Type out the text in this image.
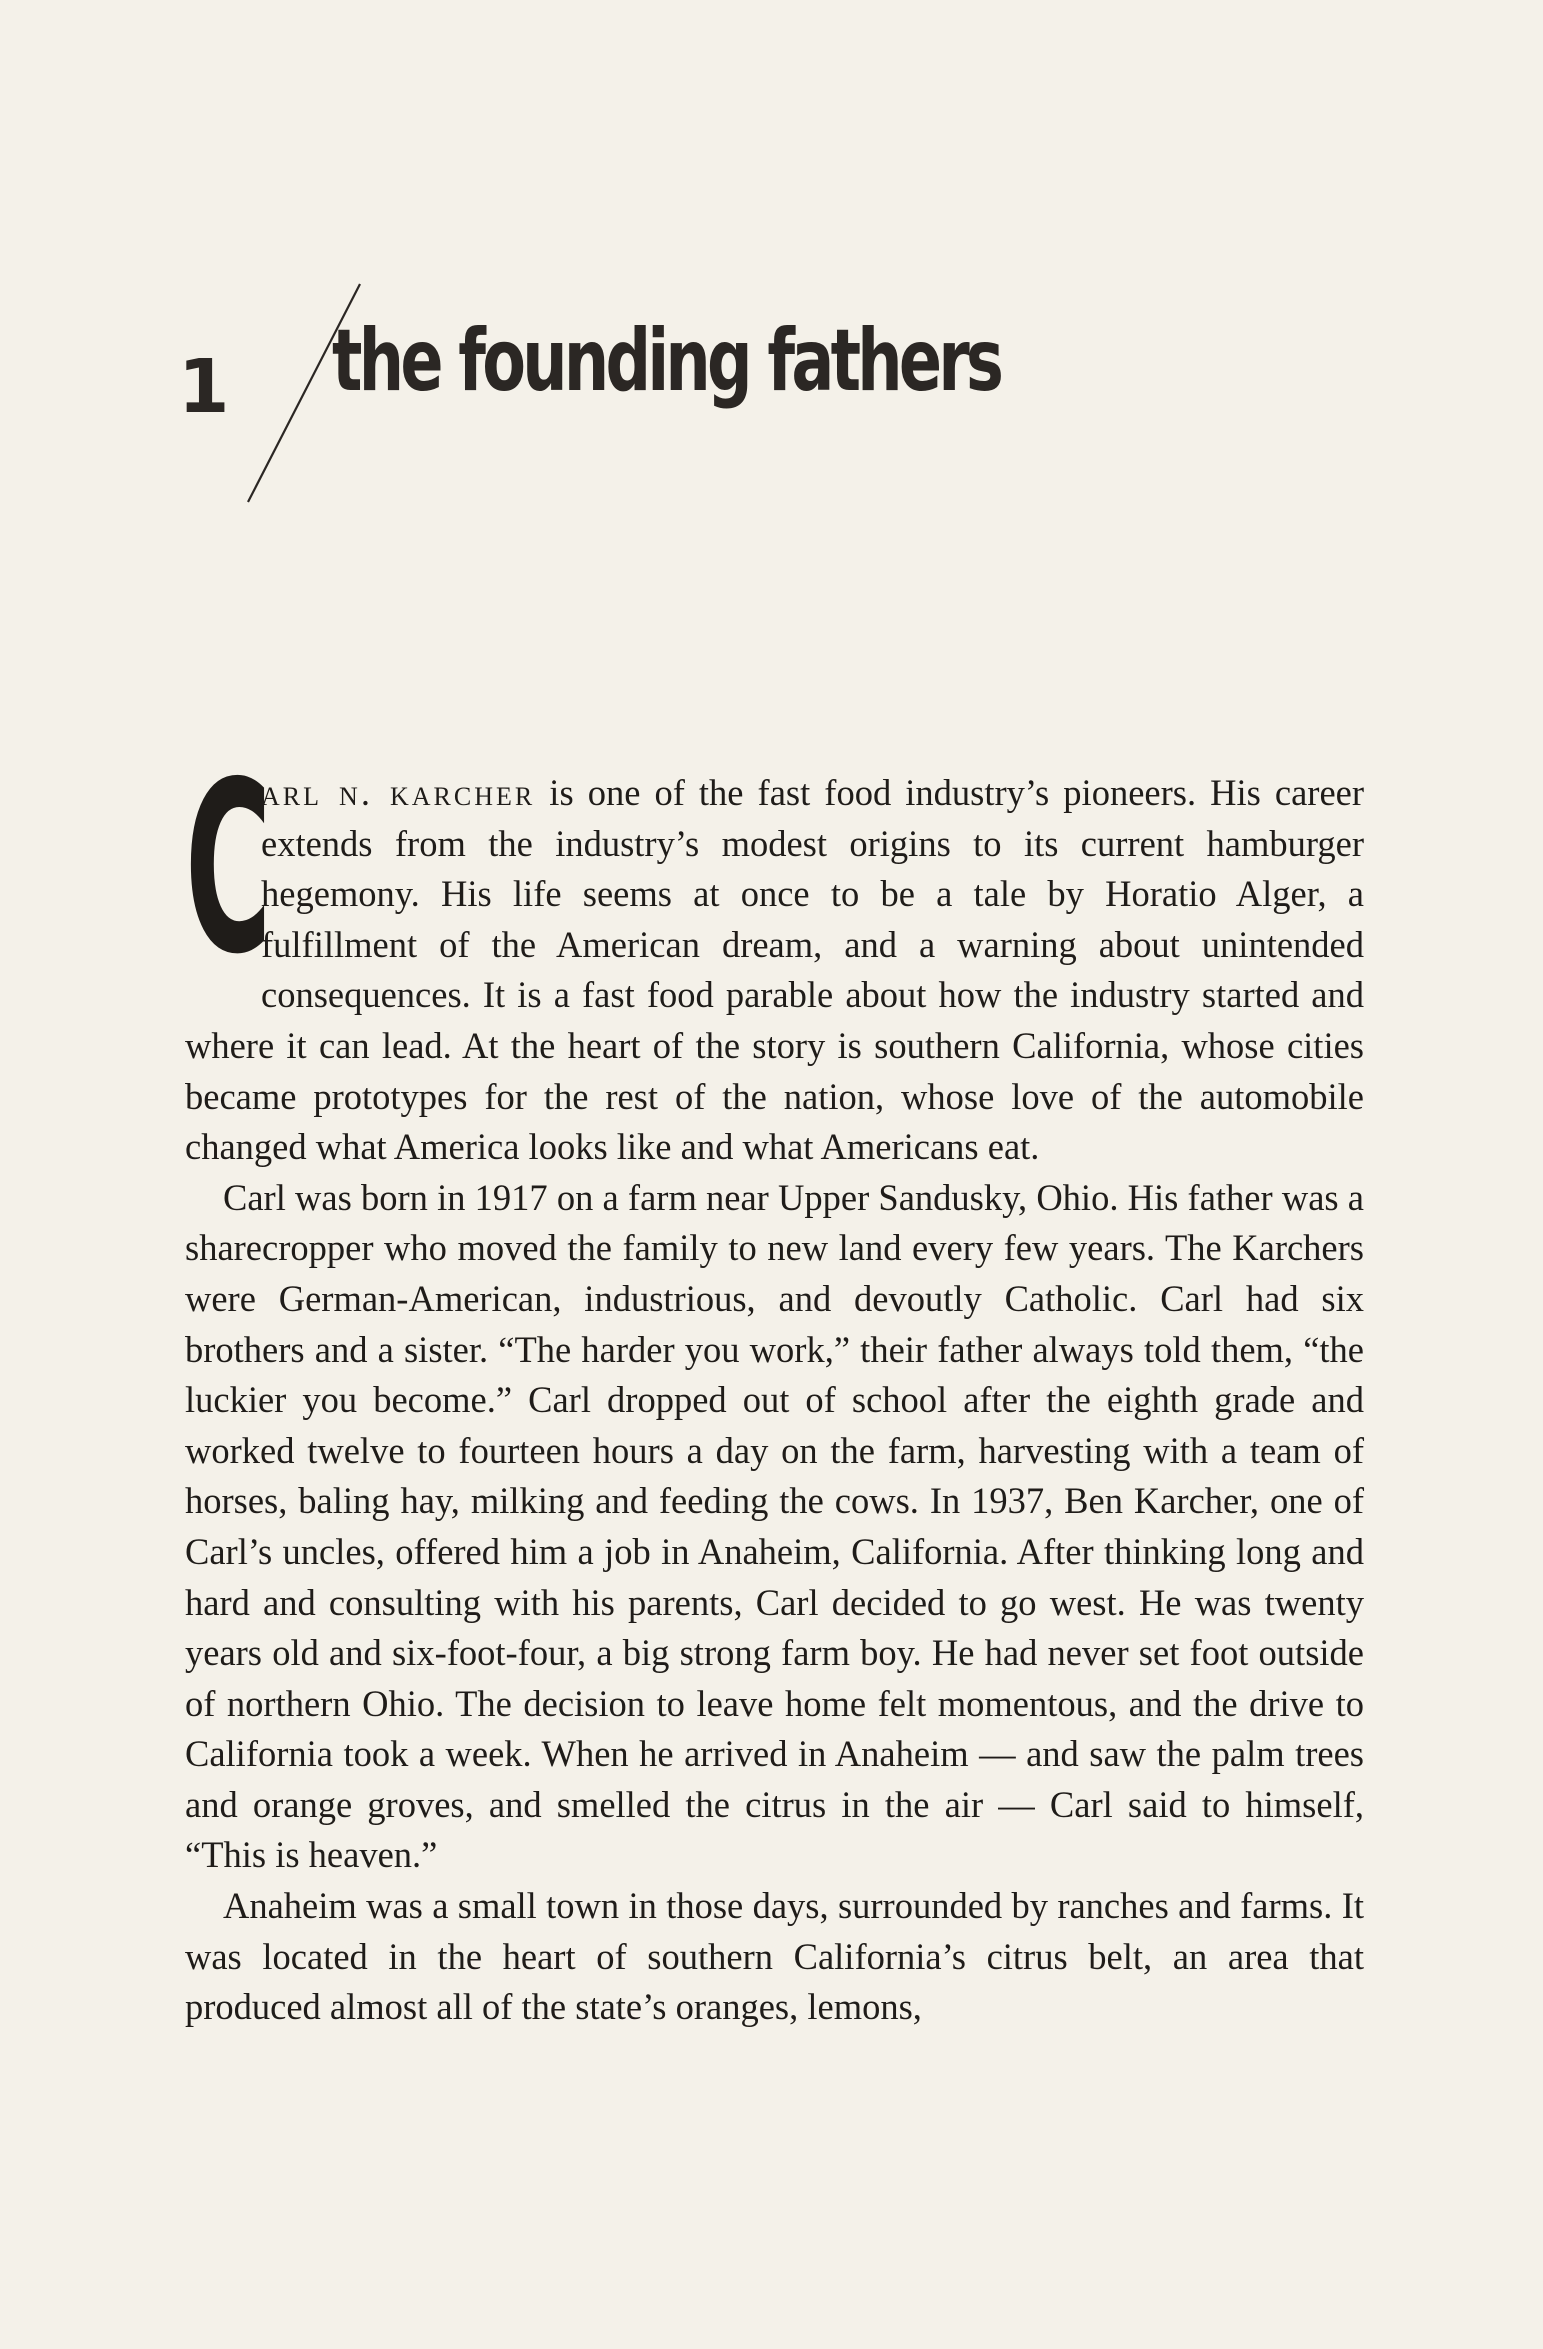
1 the founding fathers

C
arl n. karcher is one of the fast food industry’s pioneers. His career extends from the industry’s modest origins to its current hamburger hegemony. His life seems at once to be a tale by Horatio Alger, a fulfillment of the American dream, and a warning about unintended consequences. It is a fast food parable about how the industry started and where it can lead. At the heart of the story is southern California, whose cities became prototypes for the rest of the nation, whose love of the automobile changed what America looks like and what Americans eat.

Carl was born in 1917 on a farm near Upper Sandusky, Ohio. His father was a sharecropper who moved the family to new land every few years. The Karchers were German-American, industrious, and devoutly Catholic. Carl had six brothers and a sister. “The harder you work,” their father always told them, “the luckier you become.” Carl dropped out of school after the eighth grade and worked twelve to fourteen hours a day on the farm, harvesting with a team of horses, baling hay, milking and feeding the cows. In 1937, Ben Karcher, one of Carl’s uncles, offered him a job in Anaheim, California. After thinking long and hard and consulting with his parents, Carl decided to go west. He was twenty years old and six-foot-four, a big strong farm boy. He had never set foot outside of northern Ohio. The decision to leave home felt momentous, and the drive to California took a week. When he arrived in Anaheim — and saw the palm trees and orange groves, and smelled the citrus in the air — Carl said to himself, “This is heaven.”

Anaheim was a small town in those days, surrounded by ranches and farms. It was located in the heart of southern California’s citrus belt, an area that produced almost all of the state’s oranges, lemons,
